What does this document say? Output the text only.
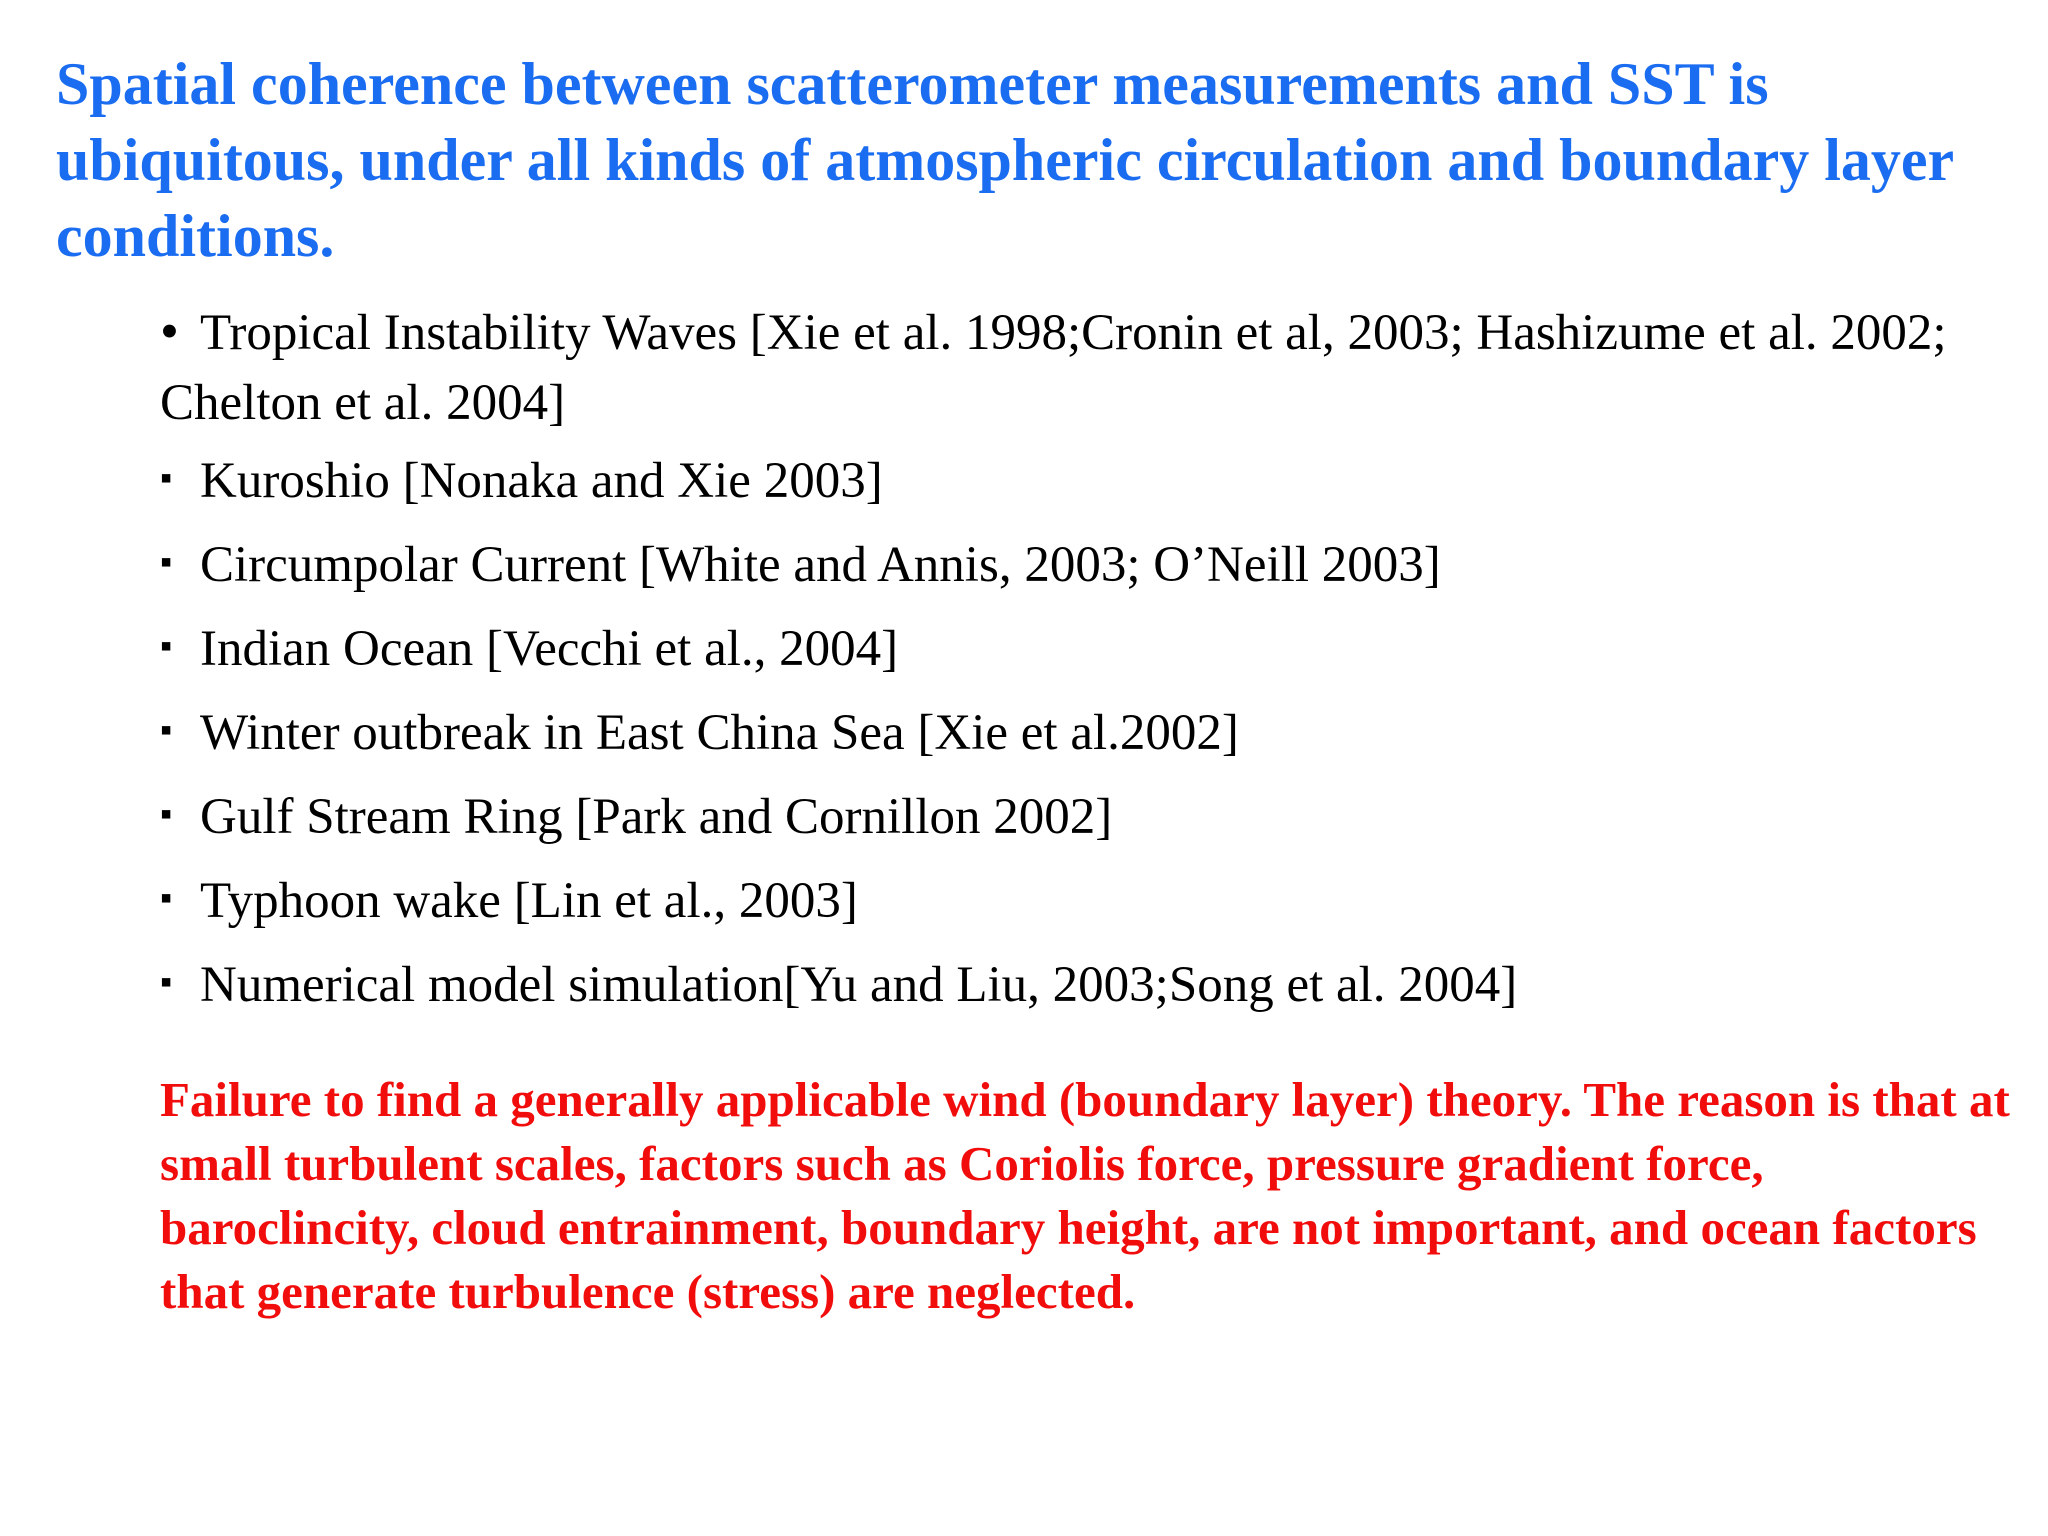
Spatial coherence between scatterometer measurements and SST is ubiquitous, under all kinds of atmospheric circulation and boundary layer conditions.
• Tropical Instability Waves [Xie et al. 1998;Cronin et al, 2003; Hashizume et al. 2002; Chelton et al. 2004]
▪ Kuroshio [Nonaka and Xie 2003]
▪ Circumpolar Current [White and Annis, 2003; O’Neill 2003]
▪ Indian Ocean [Vecchi et al., 2004]
▪ Winter outbreak in East China Sea [Xie et al.2002]
▪ Gulf Stream Ring [Park and Cornillon 2002]
▪ Typhoon wake [Lin et al., 2003]
▪ Numerical model simulation[Yu and Liu, 2003;Song et al. 2004]

Failure to find a generally applicable wind (boundary layer) theory. The reason is that at small turbulent scales, factors such as Coriolis force, pressure gradient force, baroclincity, cloud entrainment, boundary height, are not important, and ocean factors that generate turbulence (stress) are neglected.
